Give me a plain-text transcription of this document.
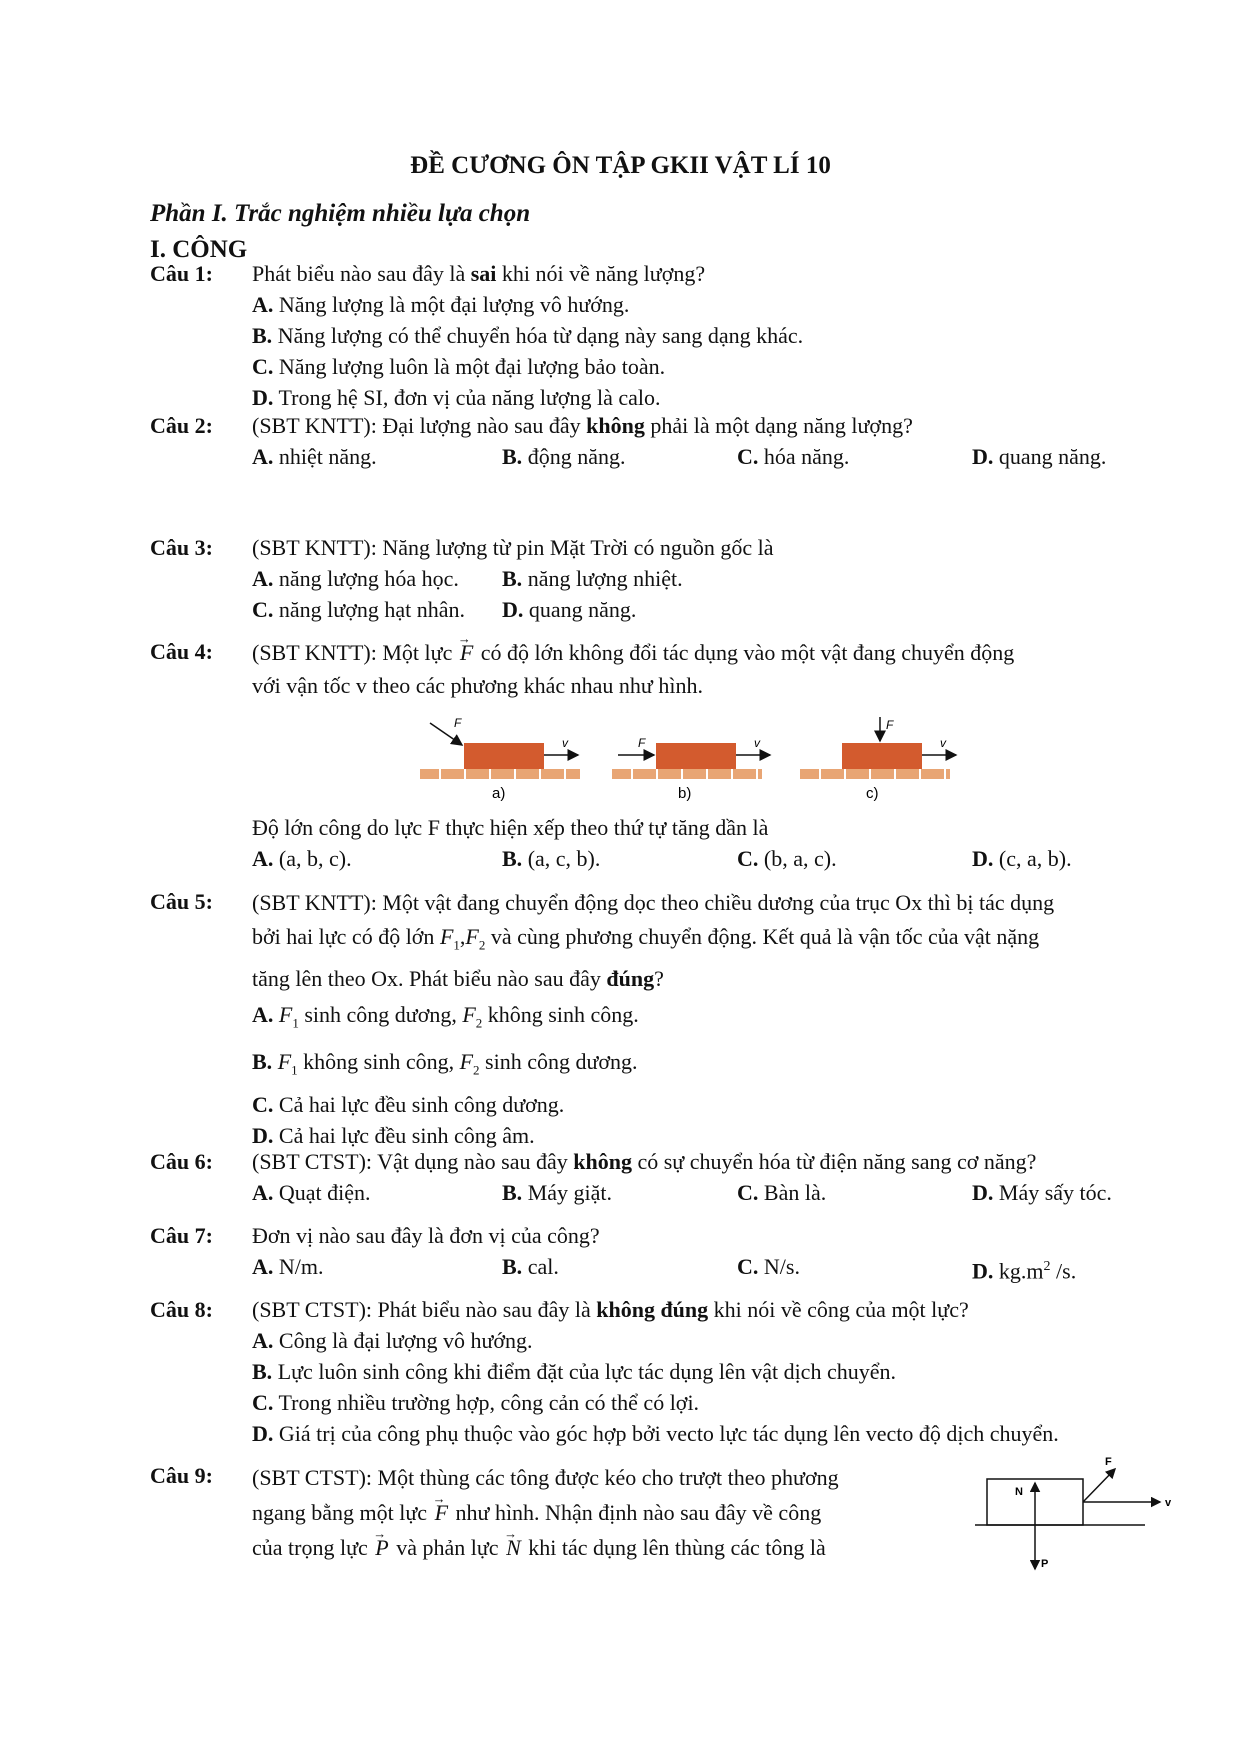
ĐỀ CƯƠNG ÔN TẬP GKII VẬT LÍ 10
Phần I. Trắc nghiệm nhiều lựa chọn
I. CÔNG
Câu 1: Phát biểu nào sau đây là sai khi nói về năng lượng?
A. Năng lượng là một đại lượng vô hướng.
B. Năng lượng có thể chuyển hóa từ dạng này sang dạng khác.
C. Năng lượng luôn là một đại lượng bảo toàn.
D. Trong hệ SI, đơn vị của năng lượng là calo.
Câu 2: (SBT KNTT): Đại lượng nào sau đây không phải là một dạng năng lượng?
A. nhiệt năng.	B. động năng.	C. hóa năng.	D. quang năng.
Câu 3: (SBT KNTT): Năng lượng từ pin Mặt Trời có nguồn gốc là
A. năng lượng hóa học. B. năng lượng nhiệt.
C. năng lượng hạt nhân. D. quang năng.
Câu 4: (SBT KNTT): Một lực → F có độ lớn không đổi tác dụng vào một vật đang chuyển động
với vận tốc v theo các phương khác nhau như hình.
F
v
a)
F	v
b)
F
v
c)
Độ lớn công do lực F thực hiện xếp theo thứ tự tăng dần là
A. (a, b, c).	B. (a, c, b).	C. (b, a, c).	D. (c, a, b).
Câu 5: (SBT KNTT): Một vật đang chuyển động dọc theo chiều dương của trục Ox thì bị tác dụng
bởi hai lực có độ lớn $F_1,F_2$ và cùng phương chuyển động. Kết quả là vận tốc của vật nặng
tăng lên theo Ox. Phát biểu nào sau đây đúng?
A. $F_1$ sinh công dương, $F_2$ không sinh công.
B. $F_1$ không sinh công, $F_2$ sinh công dương.
C. Cả hai lực đều sinh công dương.
D. Cả hai lực đều sinh công âm.
Câu 6: (SBT CTST): Vật dụng nào sau đây không có sự chuyển hóa từ điện năng sang cơ năng?
A. Quạt điện.	B. Máy giặt.	C. Bàn là.	D. Máy sấy tóc.
Câu 7: Đơn vị nào sau đây là đơn vị của công?
A. N/m.	B. cal.	C. N/s.	D. $kg.m^2$ /s.
Câu 8: (SBT CTST): Phát biểu nào sau đây là không đúng khi nói về công của một lực?
A. Công là đại lượng vô hướng.
B. Lực luôn sinh công khi điểm đặt của lực tác dụng lên vật dịch chuyển.
C. Trong nhiều trường hợp, công cản có thể có lợi.
D. Giá trị của công phụ thuộc vào góc hợp bởi vecto lực tác dụng lên vecto độ dịch chuyển.
Câu 9: (SBT CTST): Một thùng các tông được kéo cho trượt theo phương
ngang bằng một lực → F như hình. Nhận định nào sau đây về công
của trọng lực → P và phản lực → N khi tác dụng lên thùng các tông là
N
P
F
v
